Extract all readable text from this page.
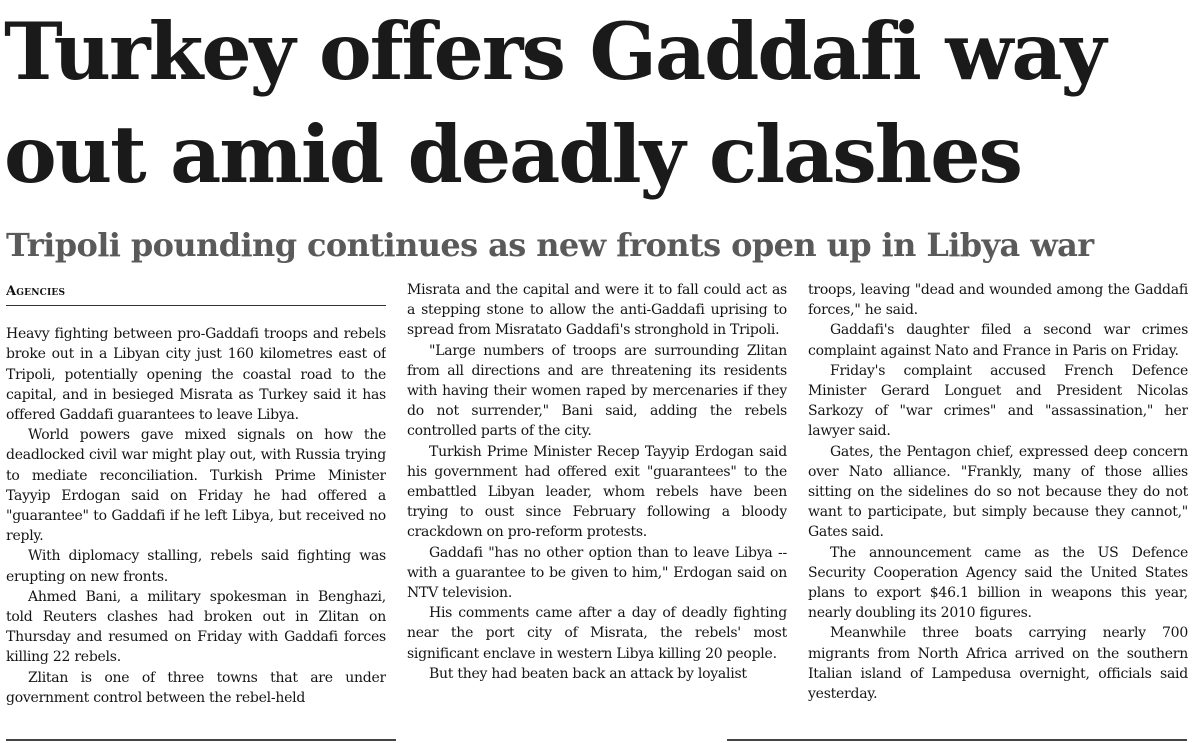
Turkey offers Gaddafi way
out amid deadly clashes
Tripoli pounding continues as new fronts open up in Libya war
Agencies

Heavy fighting between pro-Gaddafi troops and rebels broke out in a Libyan city just 160 kilometres east of Tripoli, potentially opening the coastal road to the capital, and in besieged Misrata as Turkey said it has offered Gaddafi guarantees to leave Libya.

World powers gave mixed signals on how the deadlocked civil war might play out, with Russia trying to mediate reconciliation. Turkish Prime Minister Tayyip Erdogan said on Friday he had offered a "guarantee" to Gaddafi if he left Libya, but received no reply.

With diplomacy stalling, rebels said fighting was erupting on new fronts.

Ahmed Bani, a military spokesman in Benghazi, told Reuters clashes had broken out in Zlitan on Thursday and resumed on Friday with Gaddafi forces killing 22 rebels.

Zlitan is one of three towns that are under government control between the rebel-held

Misrata and the capital and were it to fall could act as a stepping stone to allow the anti-Gaddafi uprising to spread from Misratato Gaddafi's stronghold in Tripoli.

"Large numbers of troops are surrounding Zlitan from all directions and are threatening its residents with having their women raped by mercenaries if they do not surrender," Bani said, adding the rebels controlled parts of the city.

Turkish Prime Minister Recep Tayyip Erdogan said his government had offered exit "guarantees" to the embattled Libyan leader, whom rebels have been trying to oust since February following a bloody crackdown on pro-reform protests.

Gaddafi "has no other option than to leave Libya -- with a guarantee to be given to him," Erdogan said on NTV television.

His comments came after a day of deadly fighting near the port city of Misrata, the rebels' most significant enclave in western Libya killing 20 people.

But they had beaten back an attack by loyalist

troops, leaving "dead and wounded among the Gaddafi forces," he said.

Gaddafi's daughter filed a second war crimes complaint against Nato and France in Paris on Friday.

Friday's complaint accused French Defence Minister Gerard Longuet and President Nicolas Sarkozy of "war crimes" and "assassination," her lawyer said.

Gates, the Pentagon chief, expressed deep concern over Nato alliance. "Frankly, many of those allies sitting on the sidelines do so not because they do not want to participate, but simply because they cannot," Gates said.

The announcement came as the US Defence Security Cooperation Agency said the United States plans to export $46.1 billion in weapons this year, nearly doubling its 2010 figures.

Meanwhile three boats carrying nearly 700 migrants from North Africa arrived on the southern Italian island of Lampedusa overnight, officials said yesterday.
